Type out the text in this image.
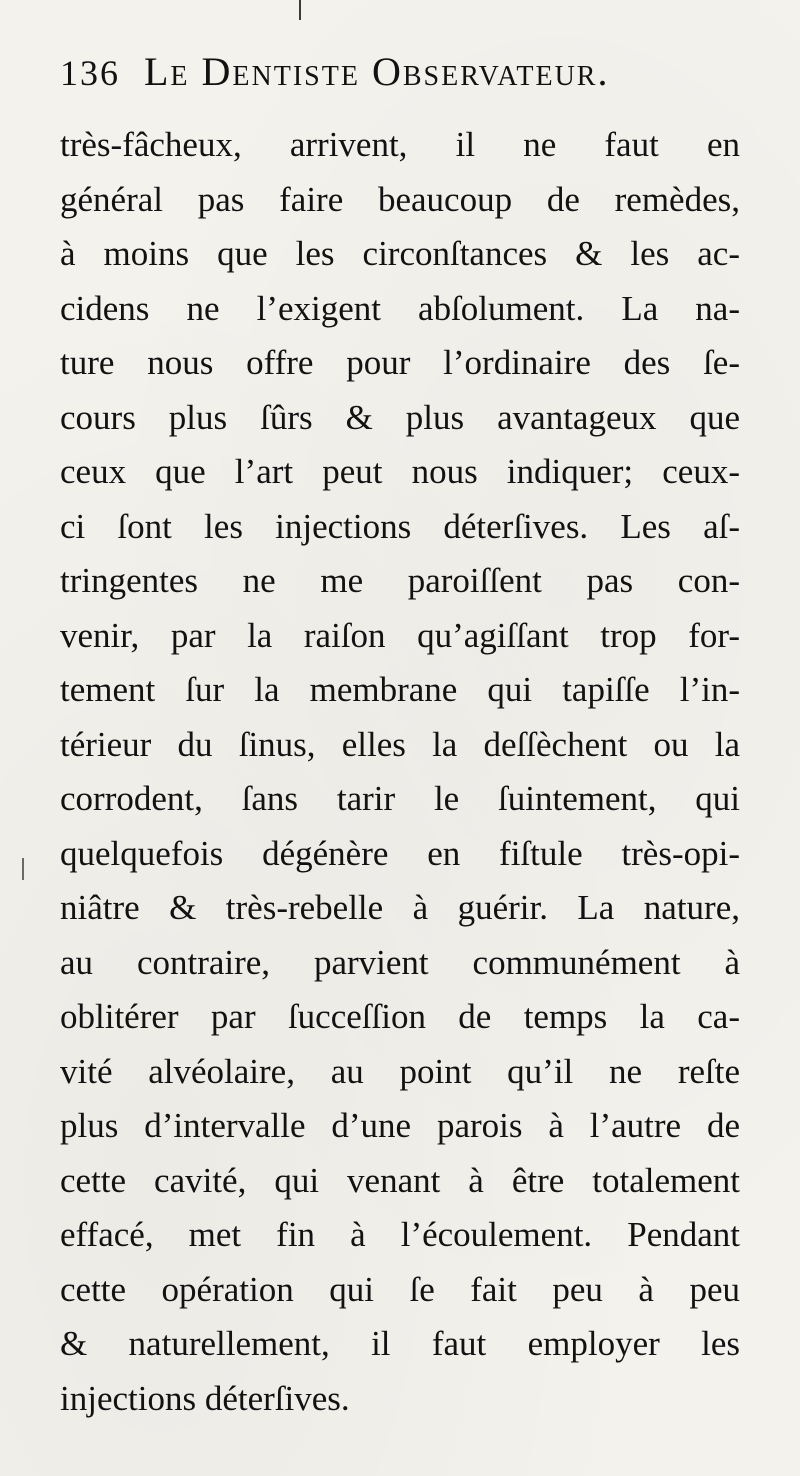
136 Le Dentiste Observateur.
très-fâcheux, arrivent, il ne faut en
général pas faire beaucoup de remèdes,
à moins que les circonſtances & les ac-
cidens ne l’exigent abſolument. La na-
ture nous offre pour l’ordinaire des ſe-
cours plus ſûrs & plus avantageux que
ceux que l’art peut nous indiquer; ceux-
ci ſont les injections déterſives. Les aſ-
tringentes ne me paroiſſent pas con-
venir, par la raiſon qu’agiſſant trop for-
tement ſur la membrane qui tapiſſe l’in-
térieur du ſinus, elles la deſſèchent ou la
corrodent, ſans tarir le ſuintement, qui
quelquefois dégénère en fiſtule très-opi-
niâtre & très-rebelle à guérir. La nature,
au contraire, parvient communément à
oblitérer par ſucceſſion de temps la ca-
vité alvéolaire, au point qu’il ne reſte
plus d’intervalle d’une parois à l’autre de
cette cavité, qui venant à être totalement
effacé, met fin à l’écoulement. Pendant
cette opération qui ſe fait peu à peu
& naturellement, il faut employer les
injections déterſives.
